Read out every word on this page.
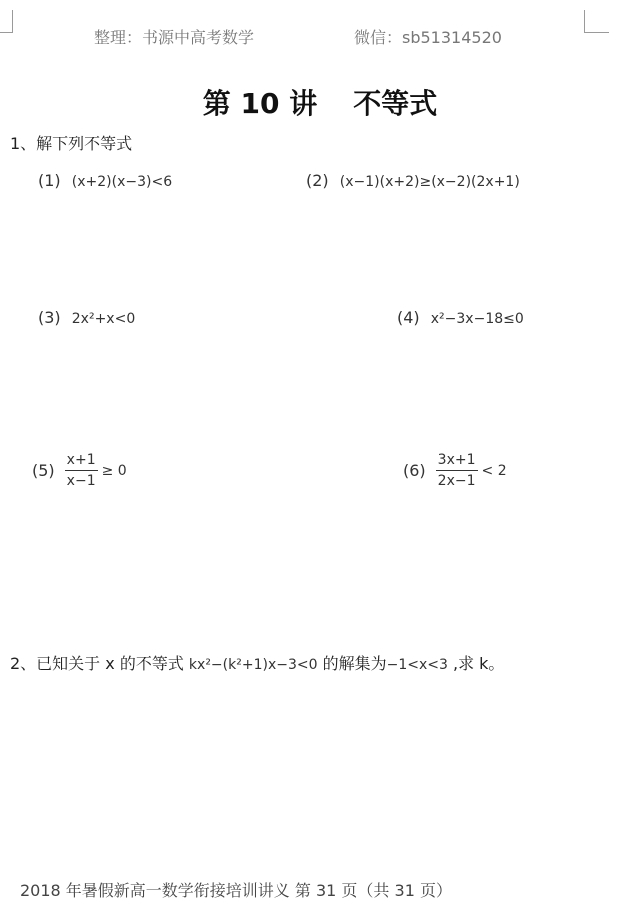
整理：书源中高考数学	微信：sb51314520
第 10 讲 不等式
1、解下列不等式
(1) (x+2)(x−3)<6	(2) (x−1)(x+2)≥(x−2)(2x+1)
(3) 2x²+x<0	(4) x²−3x−18≤0
$(5) \frac{x+1}{x-1} \ge 0$	$(6) \frac{3x+1}{2x-1} < 2$
2、已知关于 x 的不等式 kx²−(k²+1)x−3<0 的解集为−1<x<3 ,求 k。
2018 年暑假新高一数学衔接培训讲义 第 31 页（共 31 页）
